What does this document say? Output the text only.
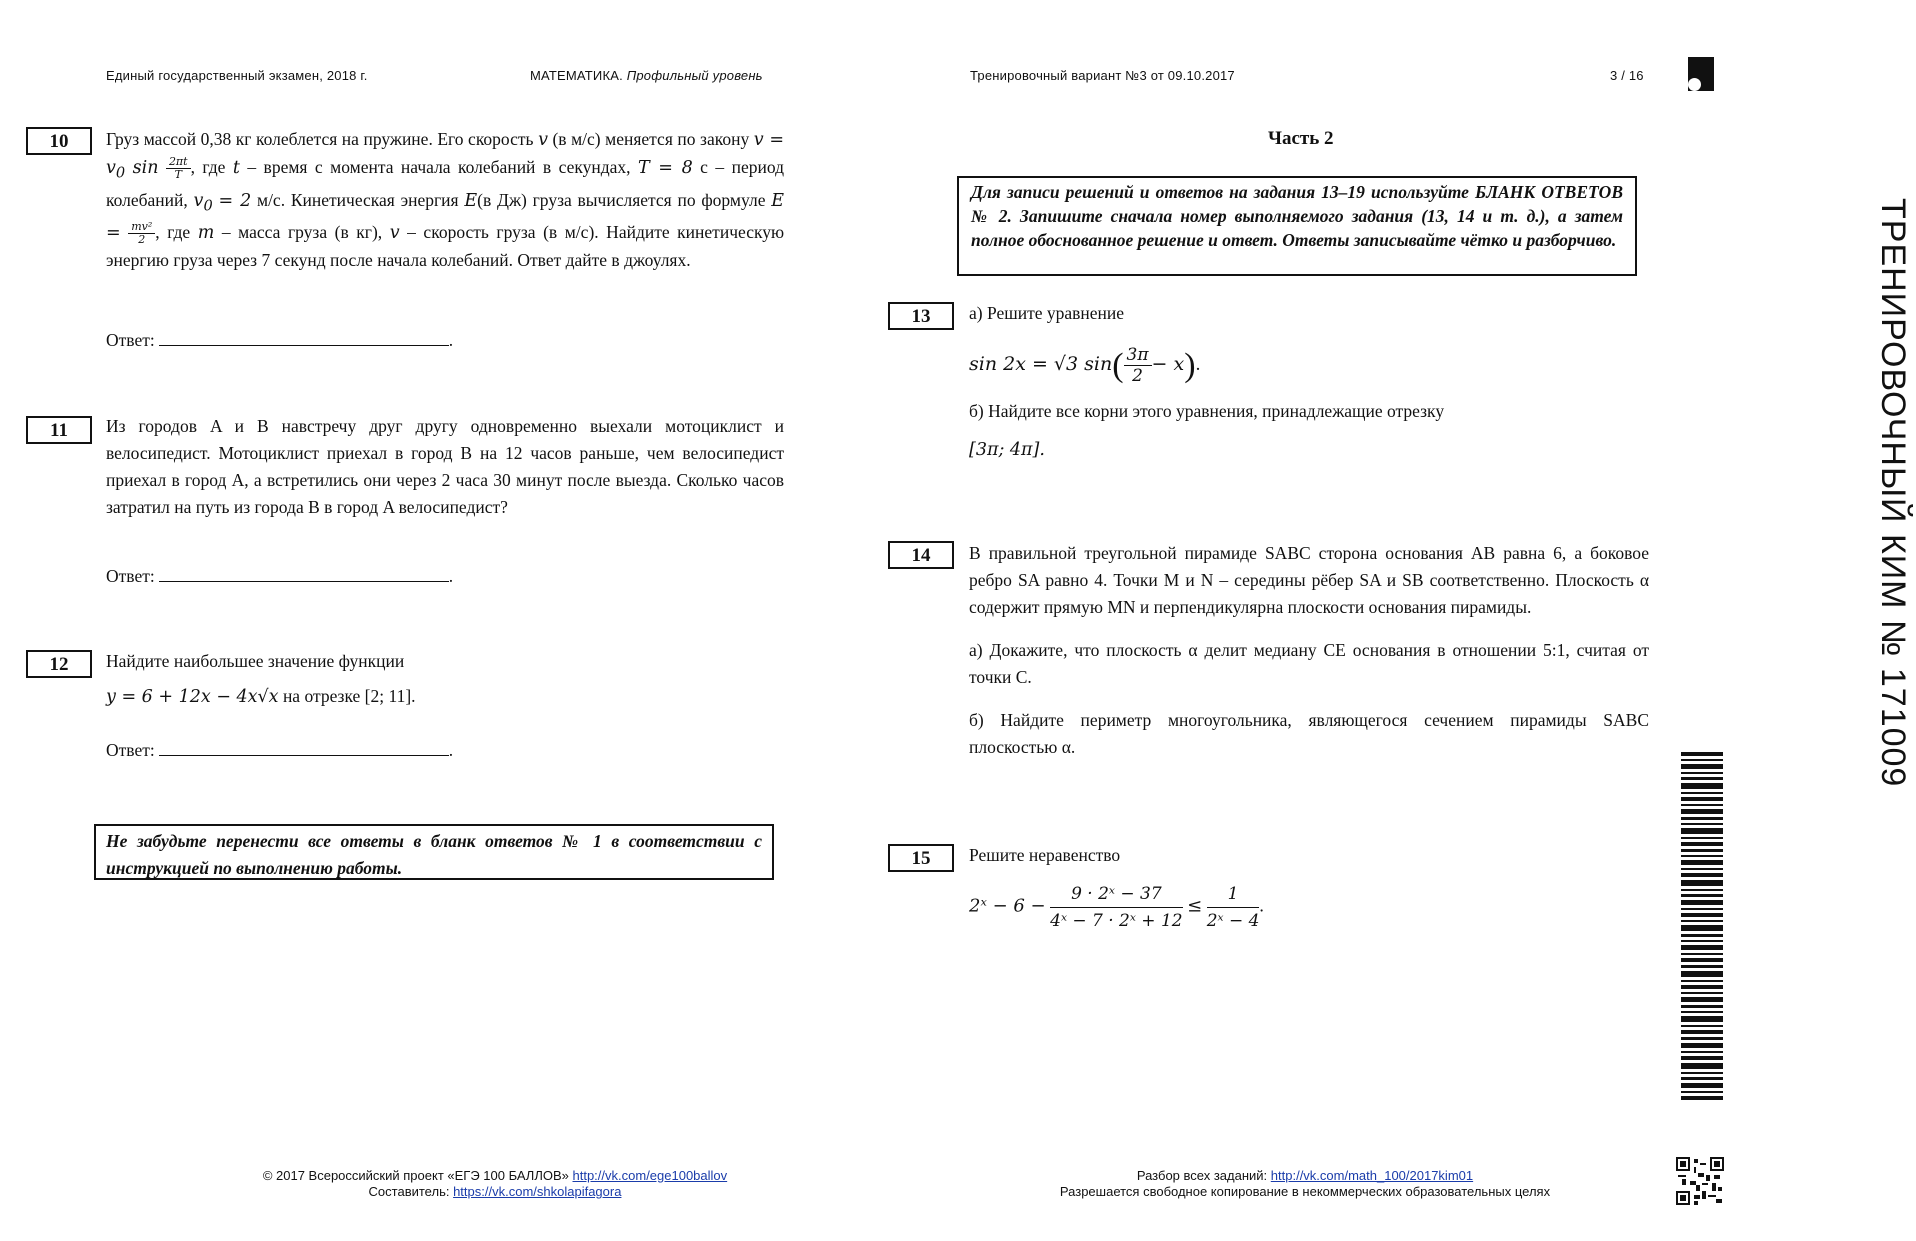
Единый государственный экзамен, 2018 г.	МАТЕМАТИКА. Профильный уровень	Тренировочный вариант №3 от 09.10.2017	3 / 16
ТРЕНИРОВОЧНЫЙ КИМ № 171009
10	Груз массой 0,38 кг колеблется на пружине. Его скорость v (в м/с) меняется по закону $v = v_0$ $\sin \frac{2\pi t}{T}$ , где t – время с момента начала колебаний в секундах, T = 8 с – период колебаний, $v_0 = 2$ м/с. Кинетическая энергия E(в Дж) груза вычисляется по формуле $E = \frac{\text{mv²}}{2}$ , где m – масса груза (в кг), v – скорость груза (в м/с). Найдите кинетическую энергию груза через 7 секунд после начала колебаний. Ответ дайте в джоулях.
Ответ:	.
11	Из городов A и B навстречу друг другу одновременно выехали мотоциклист и велосипедист. Мотоциклист приехал в город B на 12 часов раньше, чем велосипедист приехал в город A, а встретились они через 2 часа 30 минут после выезда. Сколько часов затратил на путь из города B в город A велосипедист?
Ответ:	.
12	Найдите наибольшее значение функции

y = 6 + 12x − 4x√x на отрезке [2; 11].

Ответ:	.
Не забудьте перенести все ответы в бланк ответов № 1 в соответствии с инструкцией по выполнению работы.
Часть 2
Для записи решений и ответов на задания 13–19 используйте БЛАНК ОТВЕТОВ № 2. Запишите сначала номер выполняемого задания (13, 14 и т. д.), а затем полное обоснованное решение и ответ. Ответы записывайте чётко и разборчиво.
13	а) Решите уравнение

sin 2x = √3 $\sin( \frac{3\pi}{2} - x)$.

б) Найдите все корни этого уравнения, принадлежащие отрезку

[3π; 4π].

14	В правильной треугольной пирамиде SABC сторона основания AB равна 6, а боковое ребро SA равно 4. Точки M и N – середины рёбер SA и SB соответственно. Плоскость α содержит прямую MN и перпендикулярна плоскости основания пирамиды.

а) Докажите, что плоскость α делит медиану CE основания в отношении 5:1, считая от точки C.

б) Найдите периметр многоугольника, являющегося сечением пирамиды SABC плоскостью α.

15	Решите неравенство

2ˣ − $6 - \frac{\text{9 · 2ˣ − 37}}{\text{4ˣ − 7 · 2ˣ + 12}} \le \frac{1}{\text{2ˣ − 4}}$ .

© 2017 Всероссийский проект «ЕГЭ 100 БАЛЛОВ» http://vk.com/ege100ballov
Составитель: https://vk.com/shkolapifagora
Разбор всех заданий: http://vk.com/math_100/2017kim01
Разрешается свободное копирование в некоммерческих образовательных целях
